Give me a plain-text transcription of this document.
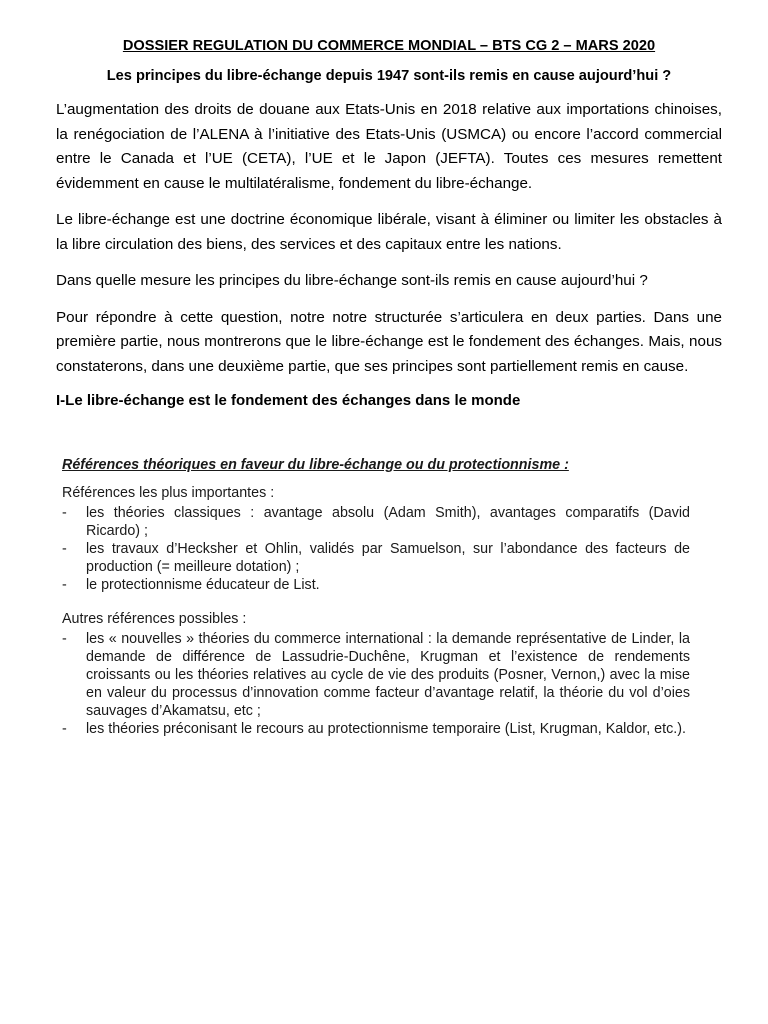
DOSSIER REGULATION DU COMMERCE MONDIAL – BTS CG 2 – MARS 2020
Les principes du libre-échange depuis 1947 sont-ils remis en cause aujourd’hui ?

L’augmentation des droits de douane aux Etats-Unis en 2018 relative aux importations chinoises, la renégociation de l’ALENA à l’initiative des Etats-Unis (USMCA) ou encore l’accord commercial entre le Canada et l’UE (CETA), l’UE et le Japon (JEFTA). Toutes ces mesures remettent évidemment en cause le multilatéralisme, fondement du libre-échange.

Le libre-échange est une doctrine économique libérale, visant à éliminer ou limiter les obstacles à la libre circulation des biens, des services et des capitaux entre les nations.

Dans quelle mesure les principes du libre-échange sont-ils remis en cause aujourd’hui ?

Pour répondre à cette question, notre notre structurée s’articulera en deux parties. Dans une première partie, nous montrerons que le libre-échange est le fondement des échanges. Mais, nous constaterons, dans une deuxième partie, que ses principes sont partiellement remis en cause.

I-Le libre-échange est le fondement des échanges dans le monde
Références théoriques en faveur du libre-échange ou du protectionnisme :
Références les plus importantes :
- les théories classiques : avantage absolu (Adam Smith), avantages comparatifs (David Ricardo) ;
- les travaux d’Hecksher et Ohlin, validés par Samuelson, sur l’abondance des facteurs de production (= meilleure dotation) ;
- le protectionnisme éducateur de List.
Autres références possibles :
- les « nouvelles » théories du commerce international : la demande représentative de Linder, la demande de différence de Lassudrie-Duchêne, Krugman et l’existence de rendements croissants ou les théories relatives au cycle de vie des produits (Posner, Vernon,) avec la mise en valeur du processus d’innovation comme facteur d’avantage relatif, la théorie du vol d’oies sauvages d’Akamatsu, etc ;
- les théories préconisant le recours au protectionnisme temporaire (List, Krugman, Kaldor, etc.).
